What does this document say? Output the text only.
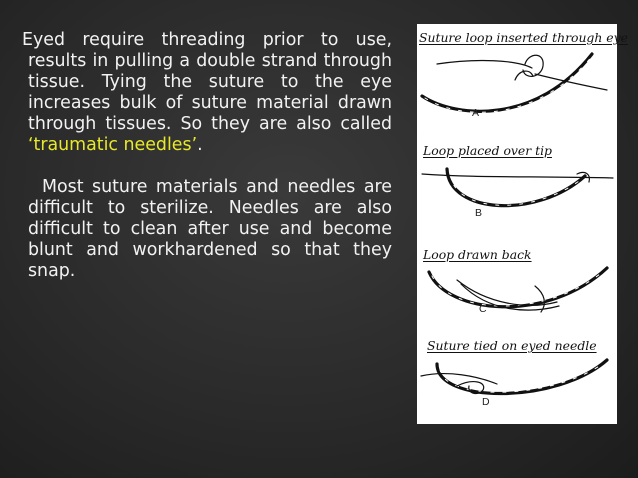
Eyed require threading prior to use, results in pulling a double strand through tissue. Tying the suture to the eye increases bulk of suture material drawn through tissues. So they are also called ‘traumatic needles’.

Most suture materials and needles are difficult to sterilize. Needles are also difficult to clean after use and become blunt and workhardened so that they snap.

Suture loop inserted through eye
Loop placed over tip
Loop drawn back
Suture tied on eyed needle
A
B
C
D
